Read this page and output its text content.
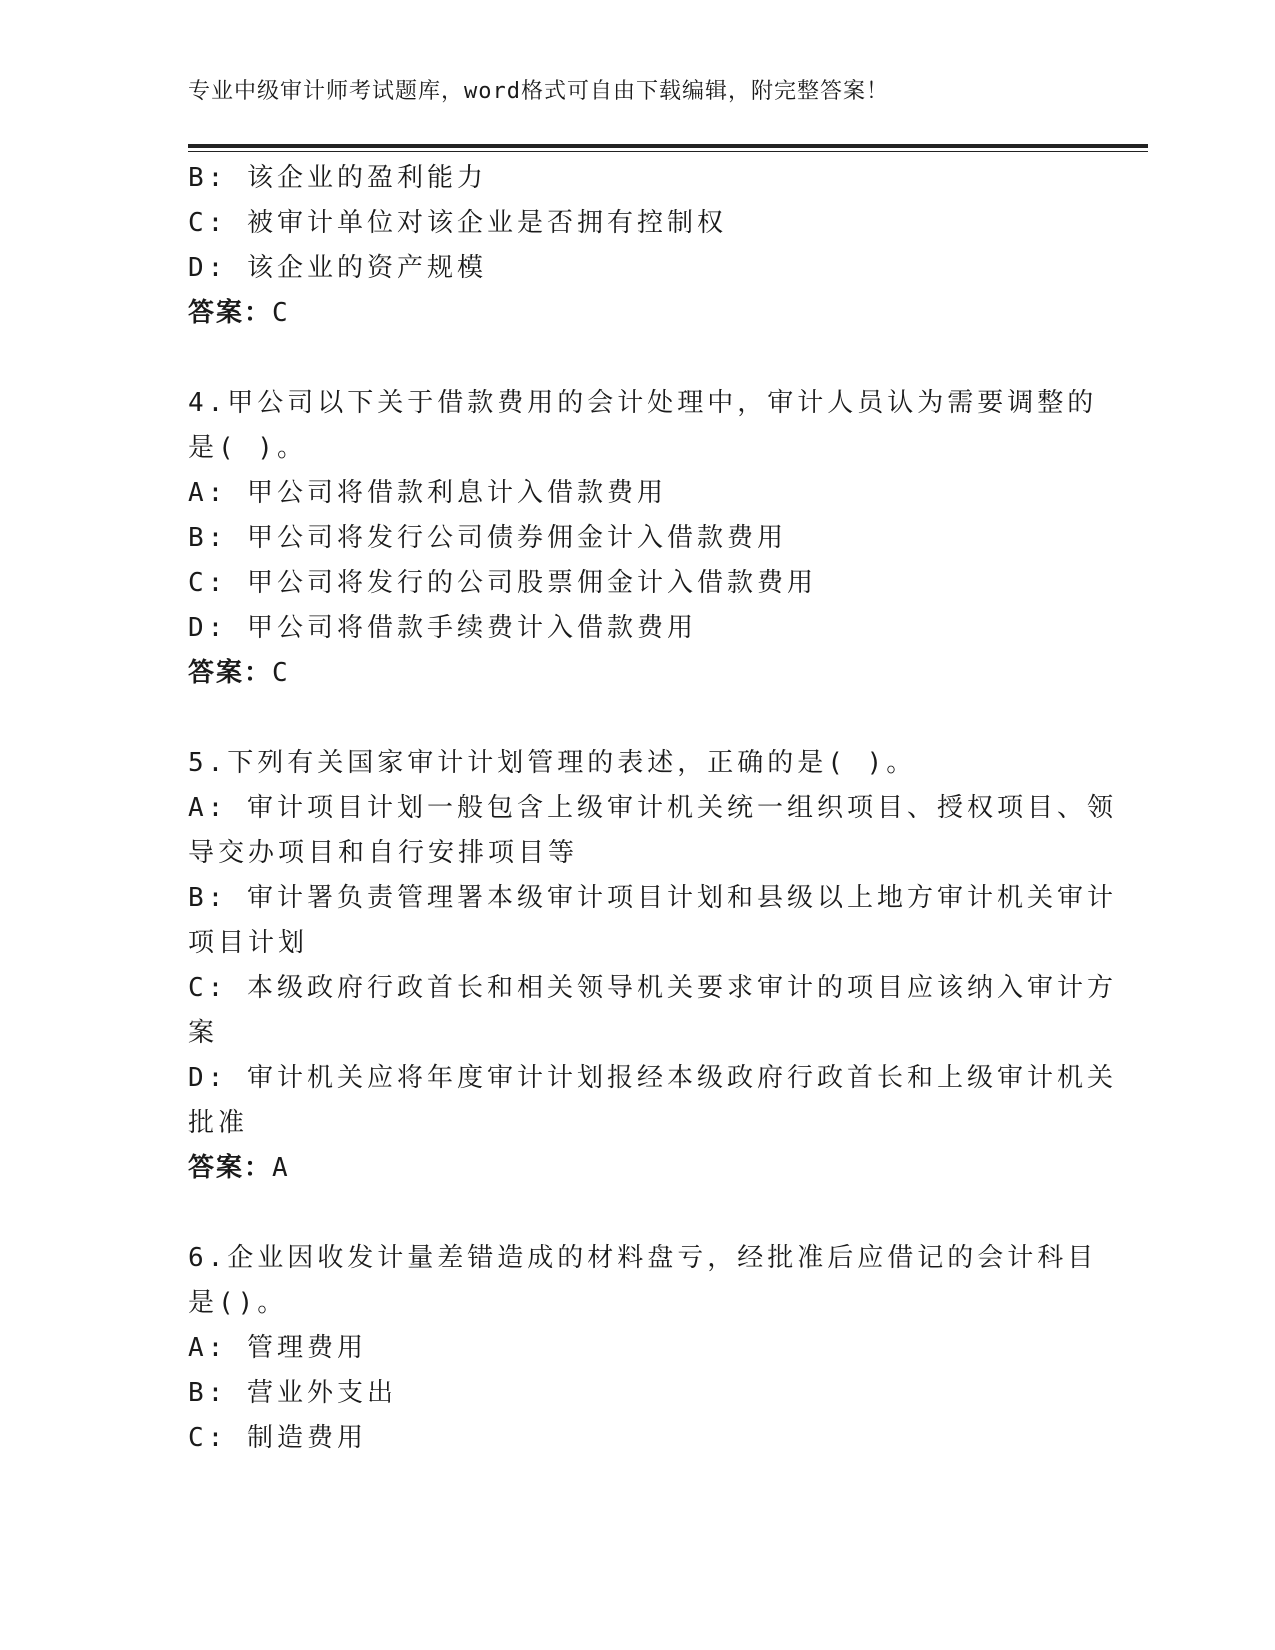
专业中级审计师考试题库，word格式可自由下载编辑，附完整答案！
B: 该企业的盈利能力
C: 被审计单位对该企业是否拥有控制权
D: 该企业的资产规模
答案：C
4.甲公司以下关于借款费用的会计处理中，审计人员认为需要调整的
是( )。
A: 甲公司将借款利息计入借款费用
B: 甲公司将发行公司债券佣金计入借款费用
C: 甲公司将发行的公司股票佣金计入借款费用
D: 甲公司将借款手续费计入借款费用
答案：C
5.下列有关国家审计计划管理的表述，正确的是( )。
A: 审计项目计划一般包含上级审计机关统一组织项目、授权项目、领
导交办项目和自行安排项目等
B: 审计署负责管理署本级审计项目计划和县级以上地方审计机关审计
项目计划
C: 本级政府行政首长和相关领导机关要求审计的项目应该纳入审计方
案
D: 审计机关应将年度审计计划报经本级政府行政首长和上级审计机关
批准
答案：A
6.企业因收发计量差错造成的材料盘亏，经批准后应借记的会计科目
是()。
A: 管理费用
B: 营业外支出
C: 制造费用
